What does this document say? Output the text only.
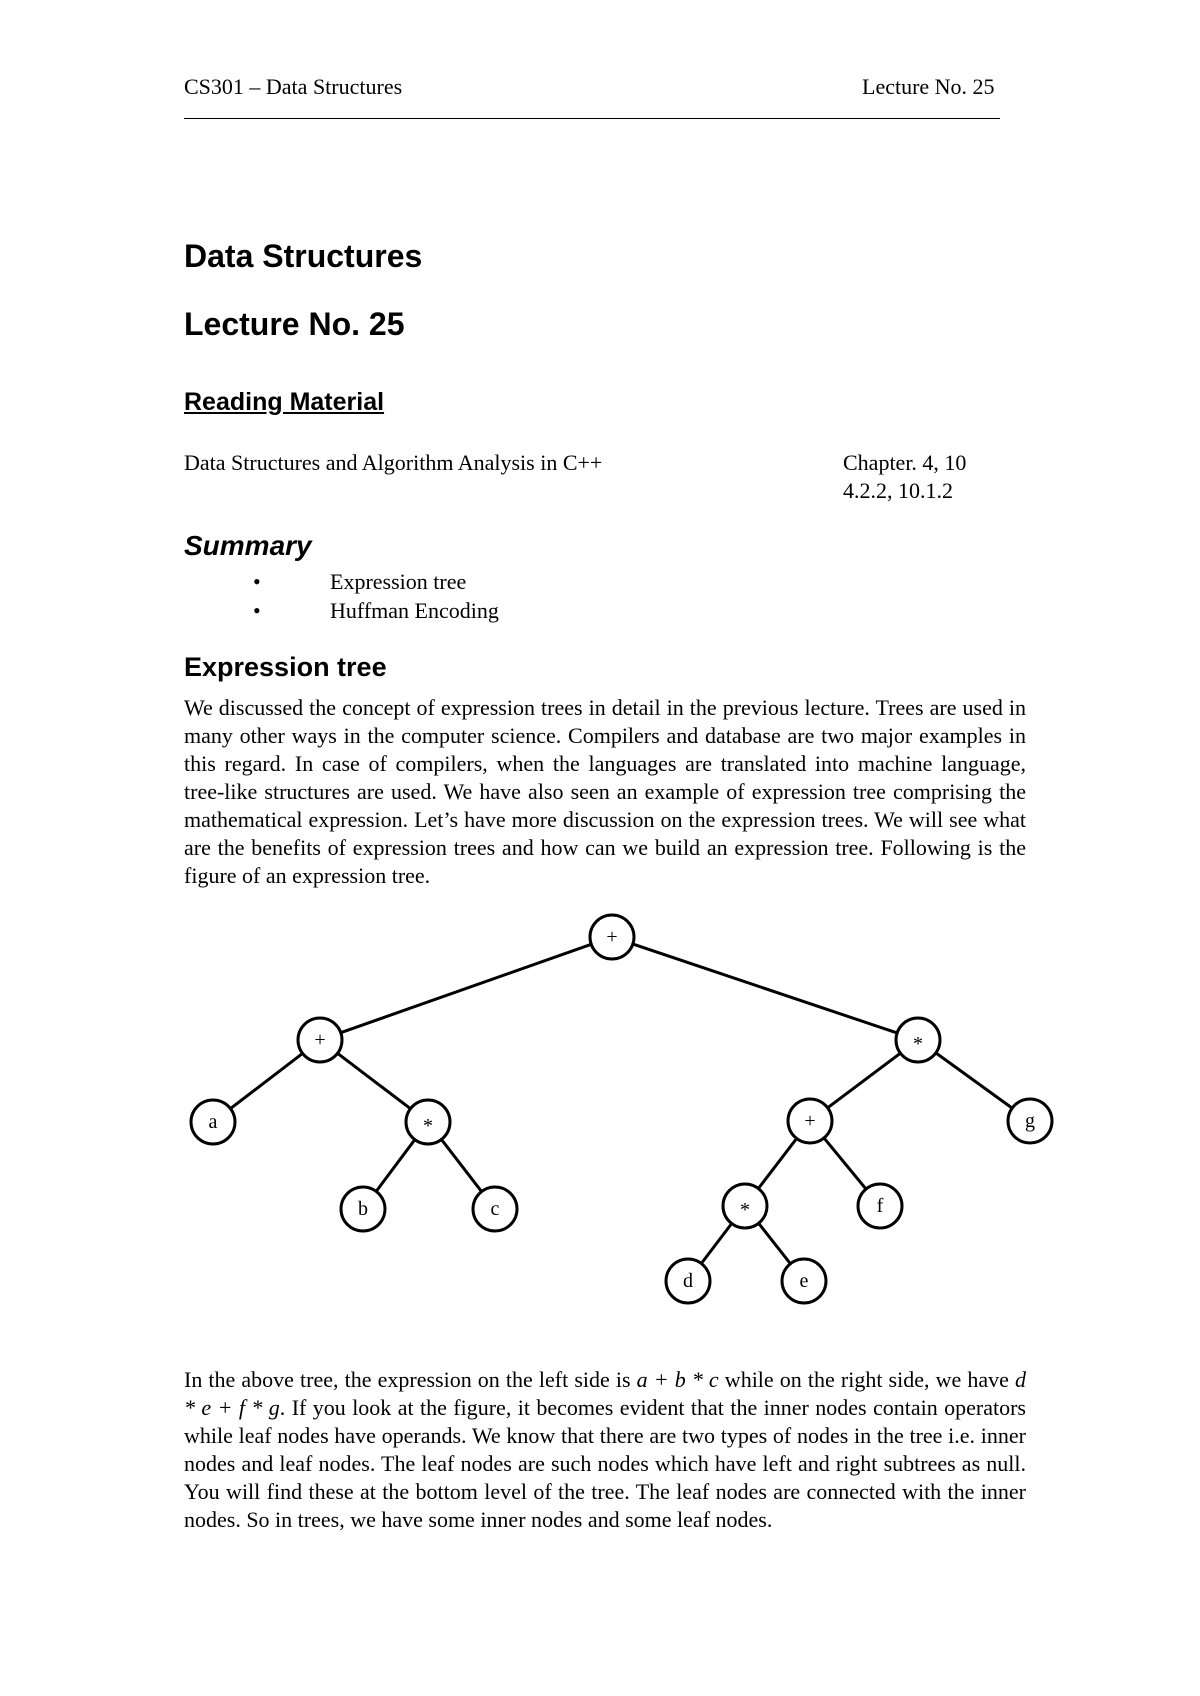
CS301 – Data Structures	Lecture No. 25
Data Structures
Lecture No. 25
Reading Material
Data Structures and Algorithm Analysis in C++	Chapter. 4, 10
4.2.2, 10.1.2
Summary
•	Expression tree
•	Huffman Encoding
Expression tree
We discussed the concept of expression trees in detail in the previous lecture. Trees are used in many other ways in the computer science. Compilers and database are two major examples in this regard. In case of compilers, when the languages are translated into machine language, tree-like structures are used. We have also seen an example of expression tree comprising the mathematical expression. Let’s have more discussion on the expression trees. We will see what are the benefits of expression trees and how can we build an expression tree. Following is the figure of an expression tree.
+
+	*
a	*
b	c
+	g
*	f
d	e
In the above tree, the expression on the left side is a + b * c while on the right side, we have d * e + f * g. If you look at the figure, it becomes evident that the inner nodes contain operators while leaf nodes have operands. We know that there are two types of nodes in the tree i.e. inner nodes and leaf nodes. The leaf nodes are such nodes which have left and right subtrees as null. You will find these at the bottom level of the tree. The leaf nodes are connected with the inner nodes. So in trees, we have some inner nodes and some leaf nodes.
